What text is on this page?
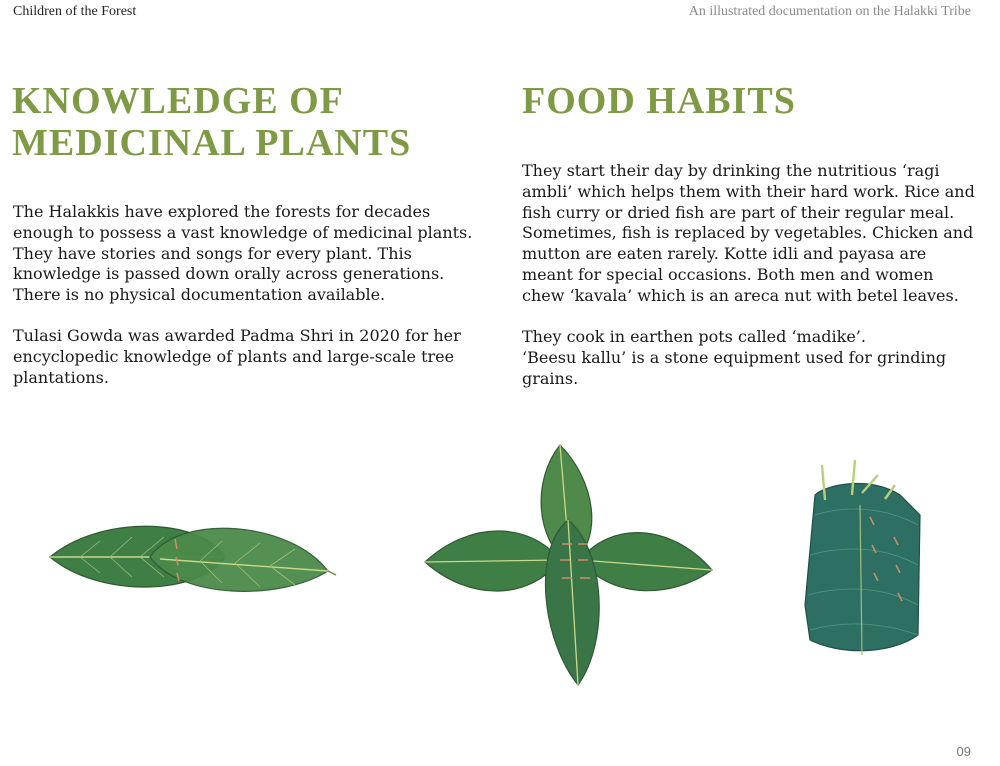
Children of the Forest	An illustrated documentation on the Halakki Tribe
KNOWLEDGE OF
MEDICINAL PLANTS
FOOD HABITS

The Halakkis have explored the forests for decades enough to possess a vast knowledge of medicinal plants. They have stories and songs for every plant. This knowledge is passed down orally across generations. There is no physical documentation available.

Tulasi Gowda was awarded Padma Shri in 2020 for her encyclopedic knowledge of plants and large-scale tree plantations.

They start their day by drinking the nutritious ‘ragi ambli’ which helps them with their hard work. Rice and fish curry or dried fish are part of their regular meal. Sometimes, fish is replaced by vegetables. Chicken and mutton are eaten rarely. Kotte idli and payasa are meant for special occasions. Both men and women chew ‘kavala’ which is an areca nut with betel leaves.

They cook in earthen pots called ‘madike’.
‘Beesu kallu’ is a stone equipment used for grinding grains.

09
